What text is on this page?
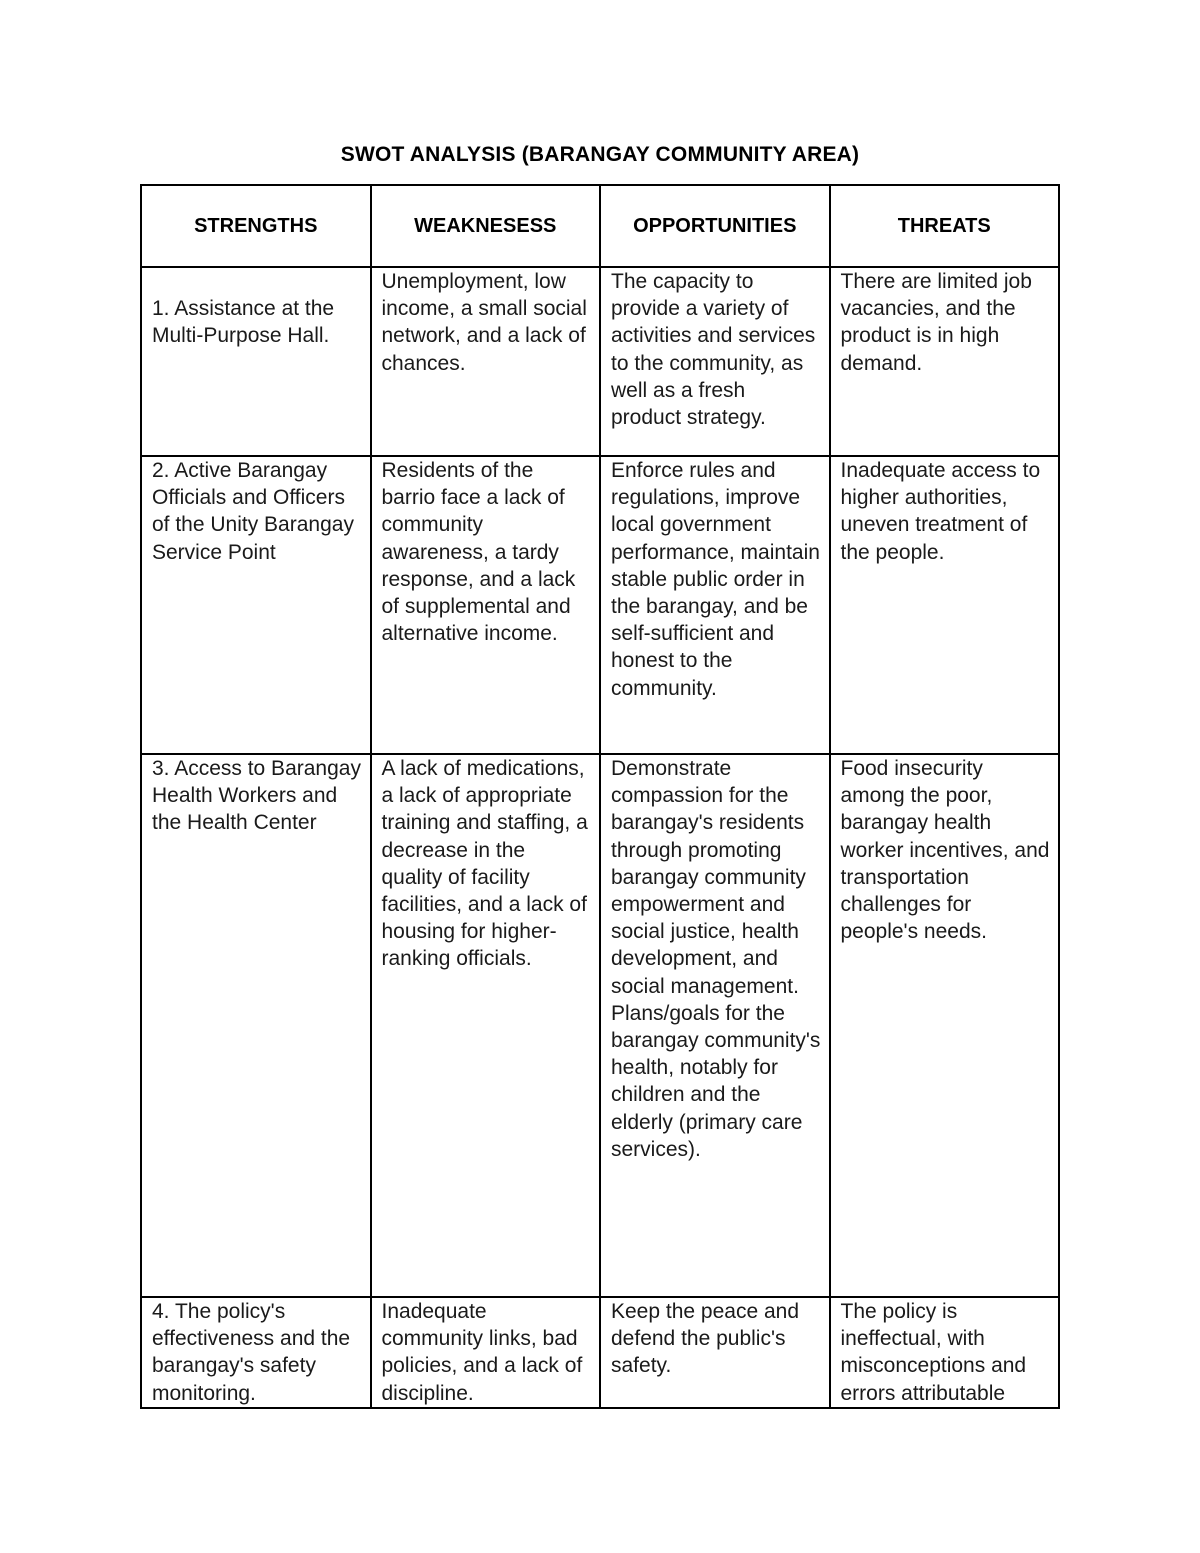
SWOT ANALYSIS (BARANGAY COMMUNITY AREA)
STRENGTHS	WEAKNESESS	OPPORTUNITIES	THREATS

1. Assistance at the Multi-Purpose Hall.	Unemployment, low income, a small social network, and a lack of chances.	The capacity to provide a variety of activities and services to the community, as well as a fresh product strategy.	There are limited job vacancies, and the product is in high demand.

2. Active Barangay Officials and Officers of the Unity Barangay Service Point	Residents of the barrio face a lack of community awareness, a tardy response, and a lack of supplemental and alternative income.	Enforce rules and regulations, improve local government performance, maintain stable public order in the barangay, and be self-sufficient and honest to the community.	Inadequate access to higher authorities, uneven treatment of the people.

3. Access to Barangay Health Workers and the Health Center	A lack of medications, a lack of appropriate training and staffing, a decrease in the quality of facility facilities, and a lack of housing for higher-ranking officials.	Demonstrate compassion for the barangay's residents through promoting barangay community empowerment and social justice, health development, and social management. Plans/goals for the barangay community's health, notably for children and the elderly (primary care services).	Food insecurity among the poor, barangay health worker incentives, and transportation challenges for people's needs.

4. The policy's effectiveness and the barangay's safety monitoring.	Inadequate community links, bad policies, and a lack of discipline.	Keep the peace and defend the public's safety.	The policy is ineffectual, with misconceptions and errors attributable
